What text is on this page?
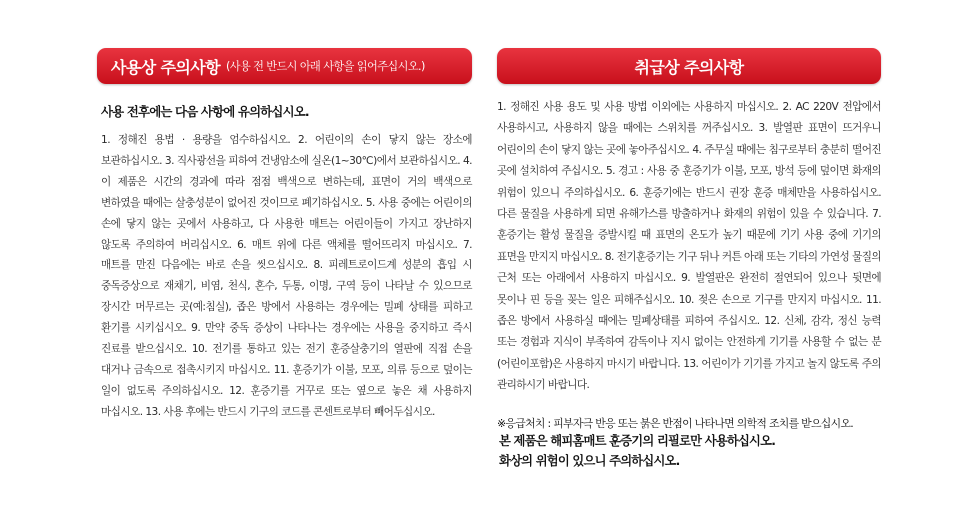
사용상 주의사항 (사용 전 반드시 아래 사항을 읽어주십시오.)
사용 전후에는 다음 사항에 유의하십시오.

1. 정해진 용법 · 용량을 엄수하십시오. 2. 어린이의 손이 닿지 않는 장소에 보관하십시오. 3. 직사광선을 피하여 건냉암소에 실온(1~30℃)에서 보관하십시오. 4. 이 제품은 시간의 경과에 따라 점점 백색으로 변하는데, 표면이 거의 백색으로 변하였을 때에는 살충성분이 없어진 것이므로 폐기하십시오. 5. 사용 중에는 어린이의 손에 닿지 않는 곳에서 사용하고, 다 사용한 매트는 어린이들이 가지고 장난하지 않도록 주의하여 버리십시오. 6. 매트 위에 다른 액체를 떨어뜨리지 마십시오. 7. 매트를 만진 다음에는 바로 손을 씻으십시오. 8. 피레트로이드계 성분의 흡입 시 중독증상으로 재채기, 비염, 천식, 혼수, 두통, 이명, 구역 등이 나타날 수 있으므로 장시간 머무르는 곳(예:침실), 좁은 방에서 사용하는 경우에는 밀폐 상태를 피하고 환기를 시키십시오. 9. 만약 중독 증상이 나타나는 경우에는 사용을 중지하고 즉시 진료를 받으십시오. 10. 전기를 통하고 있는 전기 훈증살충기의 열판에 직접 손을 대거나 금속으로 접촉시키지 마십시오. 11. 훈증기가 이불, 모포, 의류 등으로 덮이는 일이 없도록 주의하십시오. 12. 훈증기를 거꾸로 또는 옆으로 놓은 채 사용하지 마십시오. 13. 사용 후에는 반드시 기구의 코드를 콘센트로부터 빼어두십시오.

취급상 주의사항

1. 정해진 사용 용도 및 사용 방법 이외에는 사용하지 마십시오. 2. AC 220V 전압에서 사용하시고, 사용하지 않을 때에는 스위치를 꺼주십시오. 3. 발열판 표면이 뜨거우니 어린이의 손이 닿지 않는 곳에 놓아주십시오. 4. 주무실 때에는 침구로부터 충분히 떨어진 곳에 설치하여 주십시오. 5. 경고 : 사용 중 훈증기가 이불, 모포, 방석 등에 덮이면 화재의 위험이 있으니 주의하십시오. 6. 훈증기에는 반드시 권장 훈증 매체만을 사용하십시오. 다른 물질을 사용하게 되면 유해가스를 방출하거나 화재의 위험이 있을 수 있습니다. 7. 훈증기는 활성 물질을 증발시킬 때 표면의 온도가 높기 때문에 기기 사용 중에 기기의 표면을 만지지 마십시오. 8. 전기훈증기는 기구 뒤나 커튼 아래 또는 기타의 가연성 물질의 근처 또는 아래에서 사용하지 마십시오. 9. 발열판은 완전히 절연되어 있으나 뒷면에 못이나 핀 등을 꽂는 일은 피해주십시오. 10. 젖은 손으로 기구를 만지지 마십시오. 11. 좁은 방에서 사용하실 때에는 밀폐상태를 피하여 주십시오. 12. 신체, 감각, 정신 능력 또는 경험과 지식이 부족하여 감독이나 지시 없이는 안전하게 기기를 사용할 수 없는 분 (어린이포함)은 사용하지 마시기 바랍니다. 13. 어린이가 기기를 가지고 놀지 않도록 주의 관리하시기 바랍니다.

※응급처치 : 피부자극 반응 또는 붉은 반점이 나타나면 의학적 조치를 받으십시오.
본 제품은 해피홈매트 훈증기의 리필로만 사용하십시오.
화상의 위험이 있으니 주의하십시오.
